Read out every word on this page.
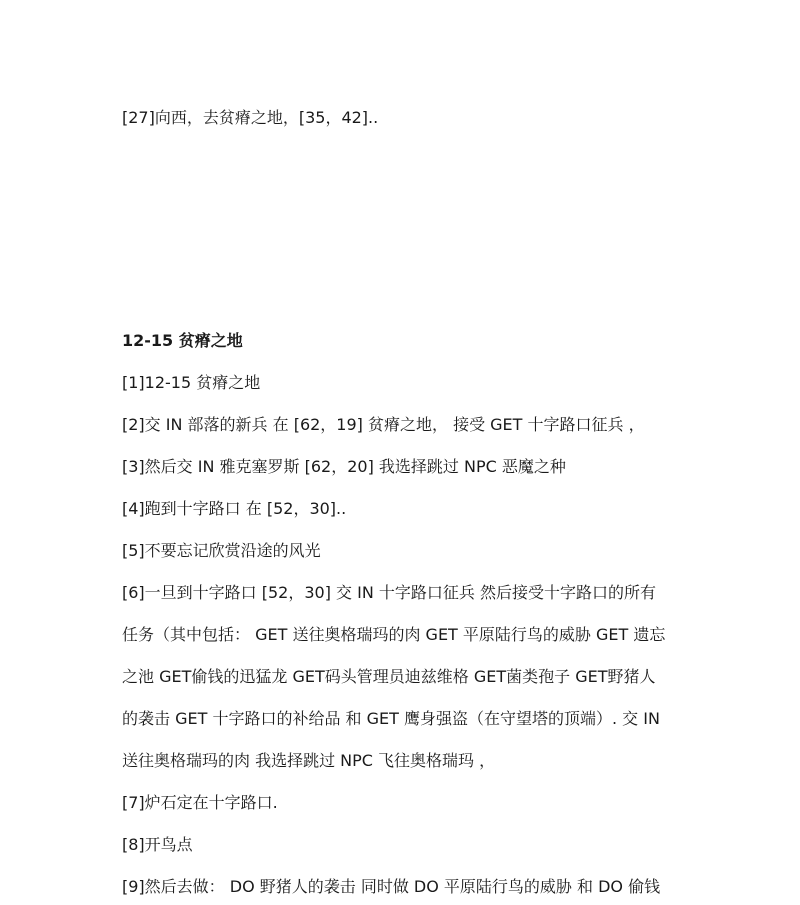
[27]向西，去贫瘠之地，[35，42]..
12-15 贫瘠之地
[1]12-15 贫瘠之地
[2]交 IN 部落的新兵 在 [62，19] 贫瘠之地， 接受 GET 十字路口征兵 ，
[3]然后交 IN 雅克塞罗斯 [62，20] 我选择跳过 NPC 恶魔之种
[4]跑到十字路口 在 [52，30]..
[5]不要忘记欣赏沿途的风光
[6]一旦到十字路口 [52，30] 交 IN 十字路口征兵 然后接受十字路口的所有
任务（其中包括： GET 送往奥格瑞玛的肉 GET 平原陆行鸟的威胁 GET 遗忘
之池 GET偷钱的迅猛龙 GET码头管理员迪兹维格 GET菌类孢子 GET野猪人
的袭击 GET 十字路口的补给品 和 GET 鹰身强盗（在守望塔的顶端）. 交 IN
送往奥格瑞玛的肉 我选择跳过 NPC 飞往奥格瑞玛 ，
[7]炉石定在十字路口.
[8]开鸟点
[9]然后去做： DO 野猪人的袭击 同时做 DO 平原陆行鸟的威胁 和 DO 偷钱
